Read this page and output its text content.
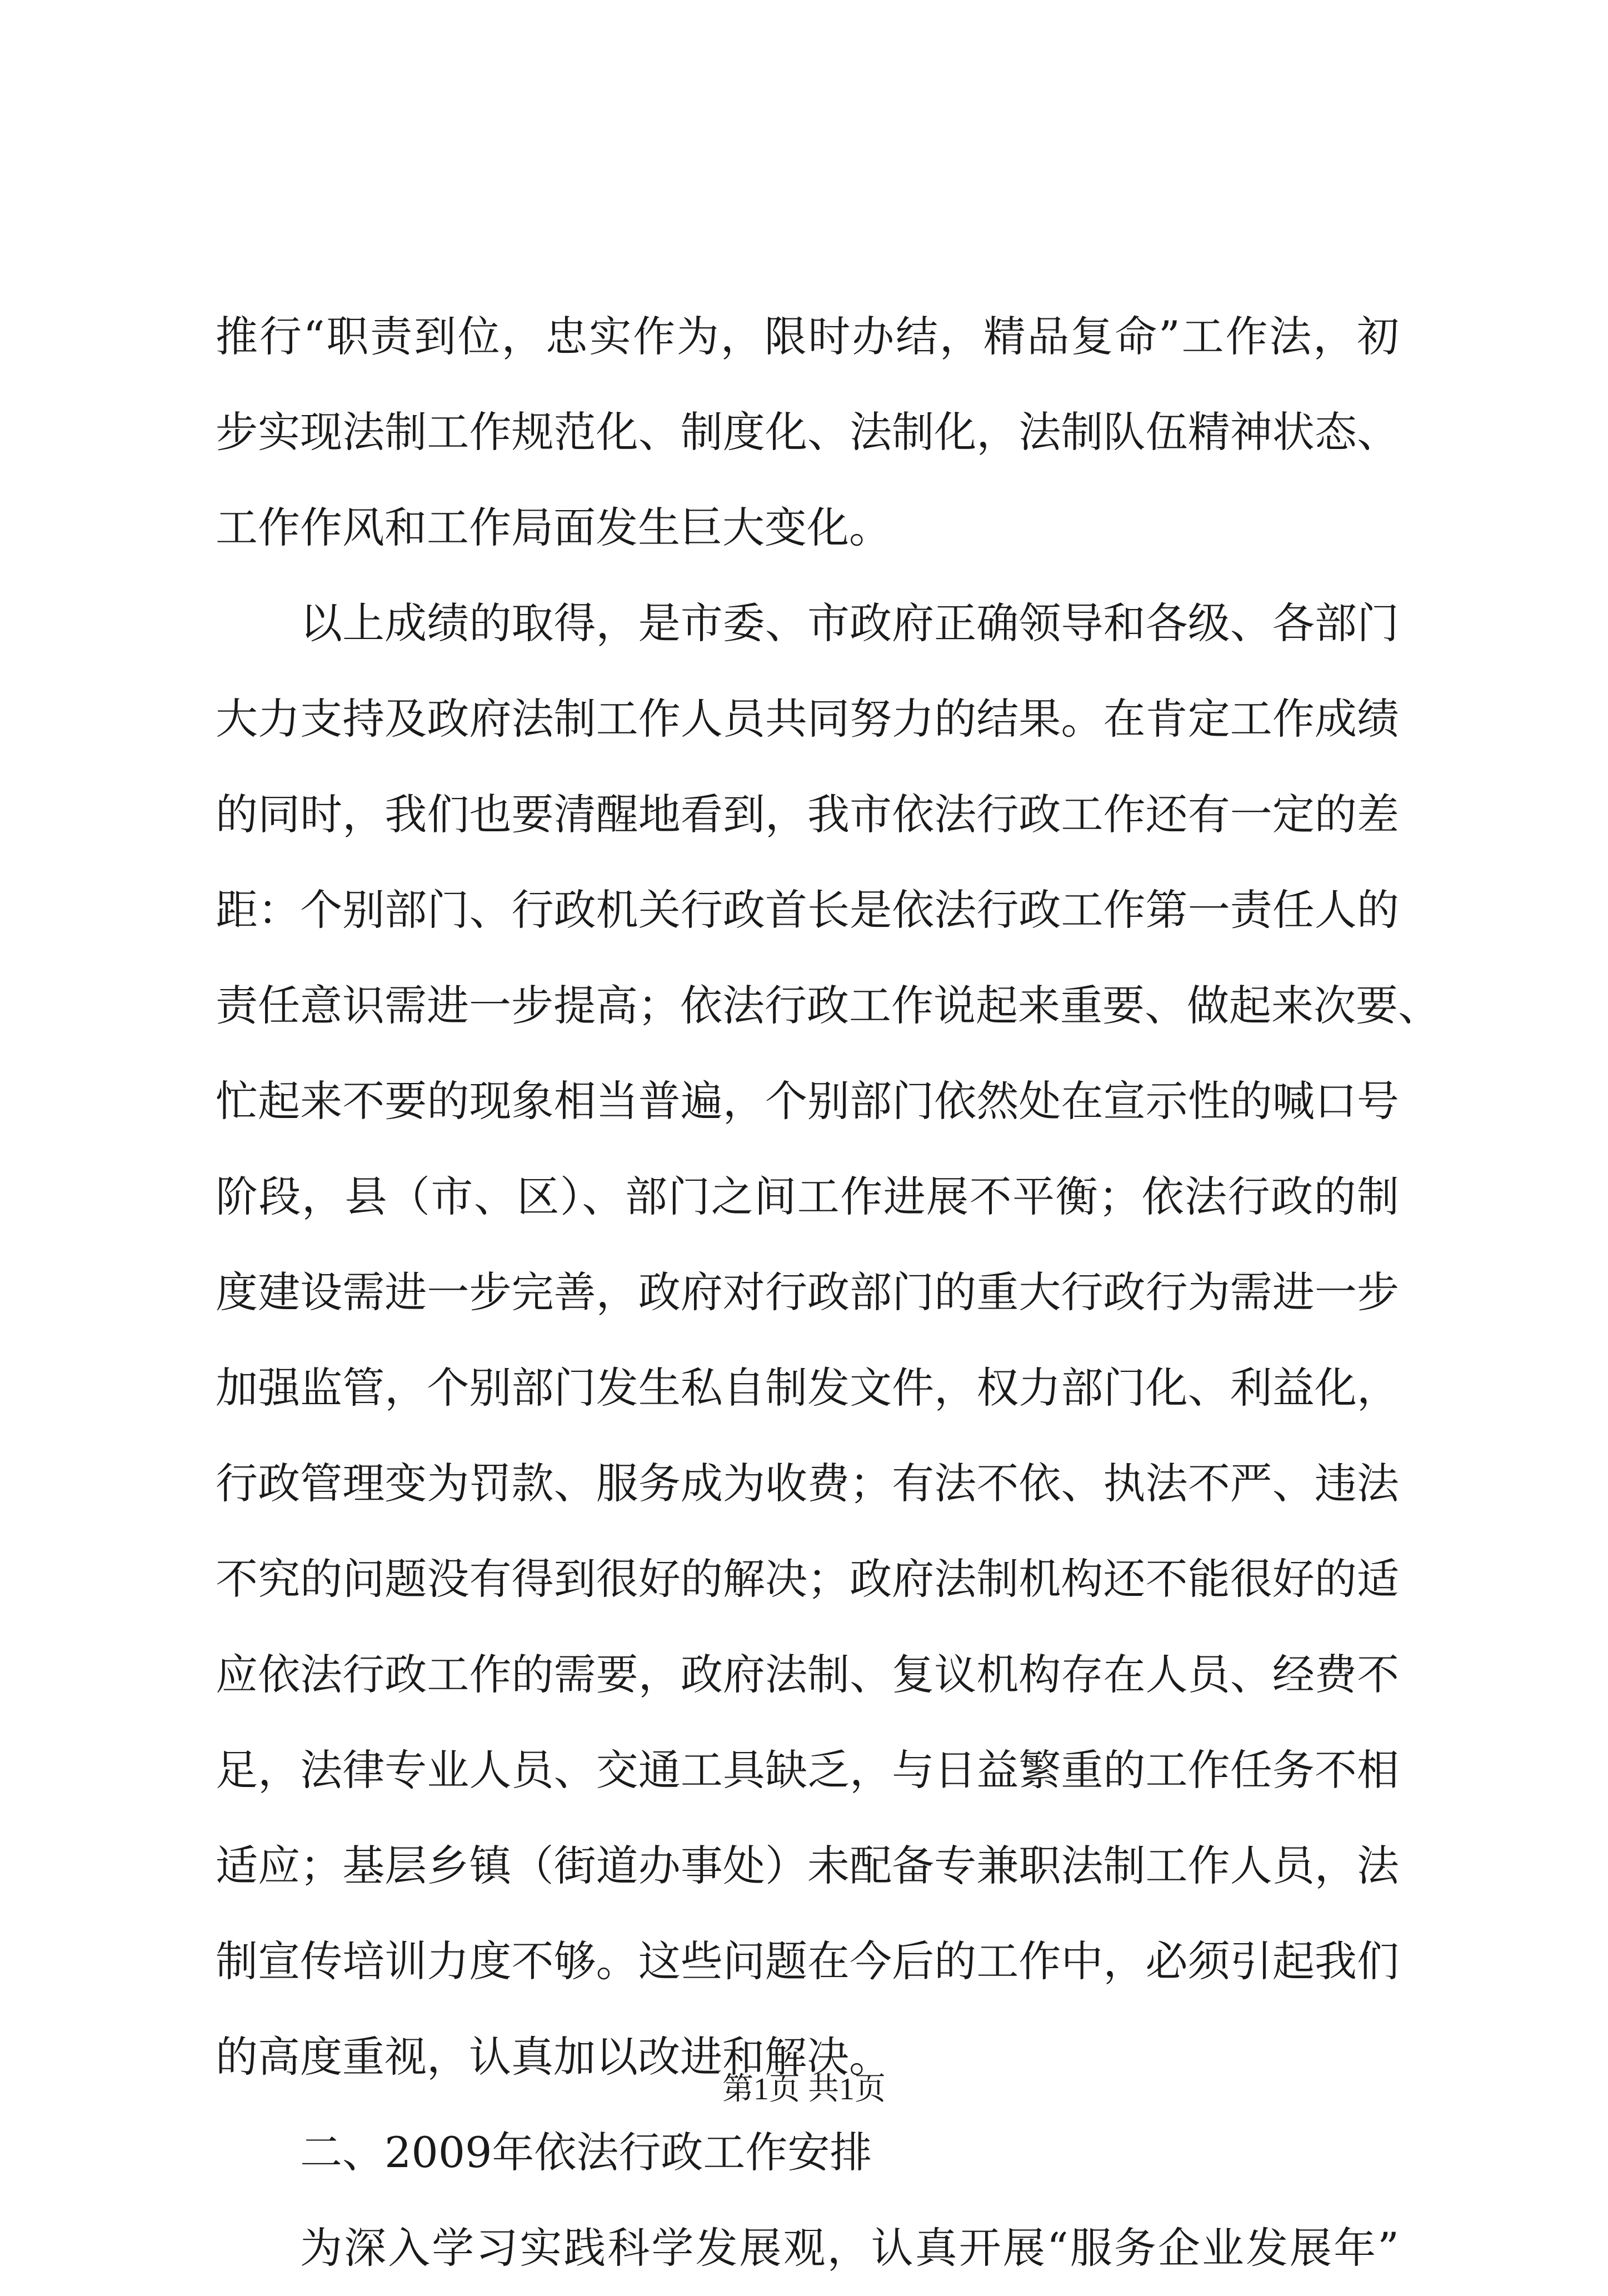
推行“职责到位，忠实作为，限时办结，精品复命”工作法，初
步实现法制工作规范化、制度化、法制化，法制队伍精神状态、
工作作风和工作局面发生巨大变化。
以上成绩的取得，是市委、市政府正确领导和各级、各部门
大力支持及政府法制工作人员共同努力的结果。在肯定工作成绩
的同时，我们也要清醒地看到，我市依法行政工作还有一定的差
距：个别部门、行政机关行政首长是依法行政工作第一责任人的
责任意识需进一步提高；依法行政工作说起来重要、做起来次要、
忙起来不要的现象相当普遍，个别部门依然处在宣示性的喊口号
阶段，县（市、区）、部门之间工作进展不平衡；依法行政的制
度建设需进一步完善，政府对行政部门的重大行政行为需进一步
加强监管，个别部门发生私自制发文件，权力部门化、利益化，
行政管理变为罚款、服务成为收费；有法不依、执法不严、违法
不究的问题没有得到很好的解决；政府法制机构还不能很好的适
应依法行政工作的需要，政府法制、复议机构存在人员、经费不
足，法律专业人员、交通工具缺乏，与日益繁重的工作任务不相
适应；基层乡镇（街道办事处）未配备专兼职法制工作人员，法
制宣传培训力度不够。这些问题在今后的工作中，必须引起我们
的高度重视，认真加以改进和解决。
二、2009年依法行政工作安排
为深入学习实践科学发展观，认真开展“服务企业发展年”
第1页 共1页
